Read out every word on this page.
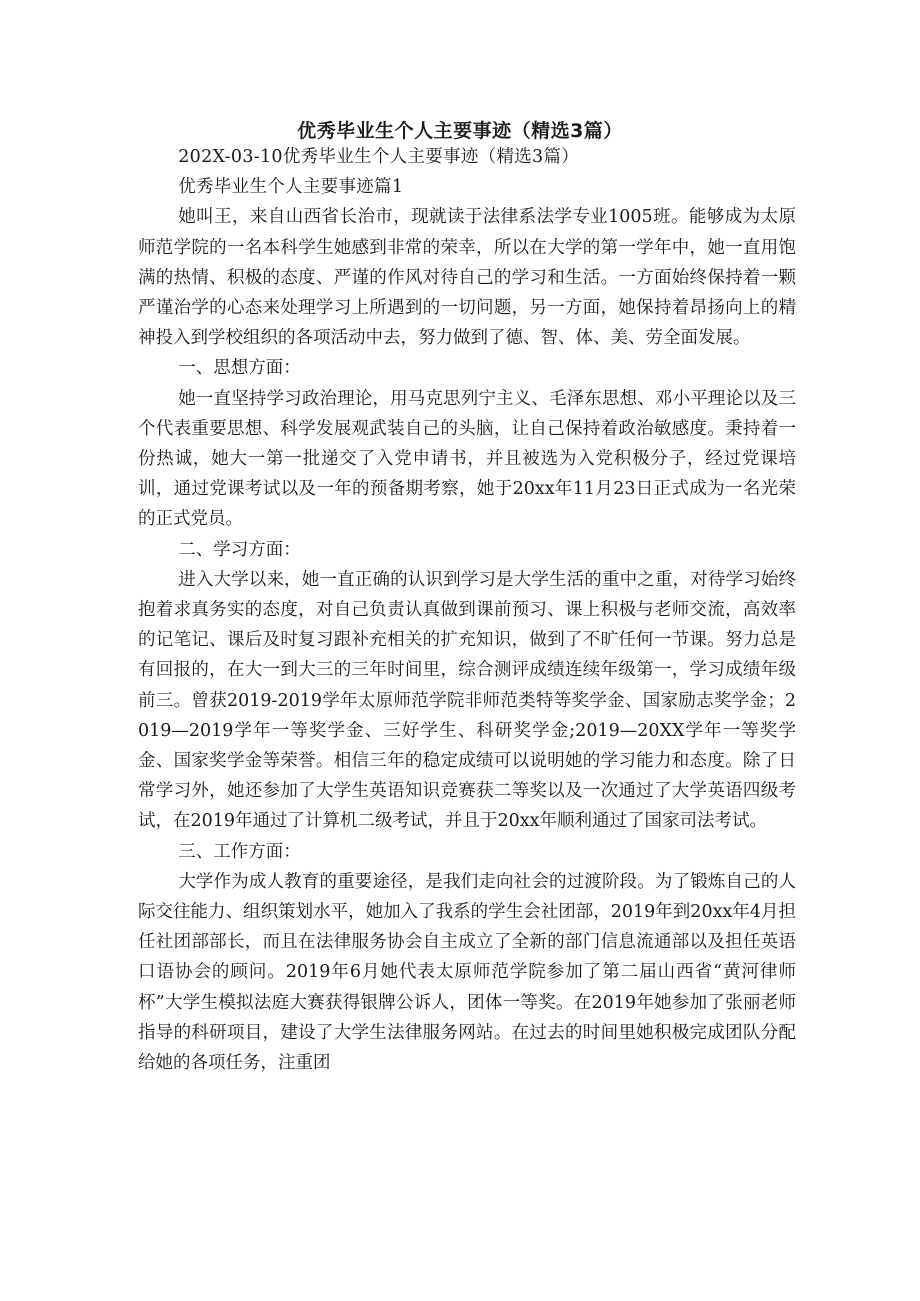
优秀毕业生个人主要事迹（精选3篇）

202X-03-10优秀毕业生个人主要事迹（精选3篇）

优秀毕业生个人主要事迹篇1

她叫王，来自山西省长治市，现就读于法律系法学专业1005班。能够成为太原师范学院的一名本科学生她感到非常的荣幸，所以在大学的第一学年中，她一直用饱满的热情、积极的态度、严谨的作风对待自己的学习和生活。一方面始终保持着一颗严谨治学的心态来处理学习上所遇到的一切问题，另一方面，她保持着昂扬向上的精神投入到学校组织的各项活动中去，努力做到了德、智、体、美、劳全面发展。

一、思想方面：

她一直坚持学习政治理论，用马克思列宁主义、毛泽东思想、邓小平理论以及三个代表重要思想、科学发展观武装自己的头脑，让自己保持着政治敏感度。秉持着一份热诚，她大一第一批递交了入党申请书，并且被选为入党积极分子，经过党课培训，通过党课考试以及一年的预备期考察，她于20xx年11月23日正式成为一名光荣的正式党员。

二、学习方面：

进入大学以来，她一直正确的认识到学习是大学生活的重中之重，对待学习始终抱着求真务实的态度，对自己负责认真做到课前预习、课上积极与老师交流，高效率的记笔记、课后及时复习跟补充相关的扩充知识，做到了不旷任何一节课。努力总是有回报的，在大一到大三的三年时间里，综合测评成绩连续年级第一，学习成绩年级前三。曾获2019-2019学年太原师范学院非师范类特等奖学金、国家励志奖学金；2019—2019学年一等奖学金、三好学生、科研奖学金;2019—20XX学年一等奖学金、国家奖学金等荣誉。相信三年的稳定成绩可以说明她的学习能力和态度。除了日常学习外，她还参加了大学生英语知识竞赛获二等奖以及一次通过了大学英语四级考试，在2019年通过了计算机二级考试，并且于20xx年顺利通过了国家司法考试。

三、工作方面：

大学作为成人教育的重要途径，是我们走向社会的过渡阶段。为了锻炼自己的人际交往能力、组织策划水平，她加入了我系的学生会社团部，2019年到20xx年4月担任社团部部长，而且在法律服务协会自主成立了全新的部门信息流通部以及担任英语口语协会的顾问。2019年6月她代表太原师范学院参加了第二届山西省“黄河律师杯”大学生模拟法庭大赛获得银牌公诉人，团体一等奖。在2019年她参加了张丽老师指导的科研项目，建设了大学生法律服务网站。在过去的时间里她积极完成团队分配给她的各项任务，注重团
